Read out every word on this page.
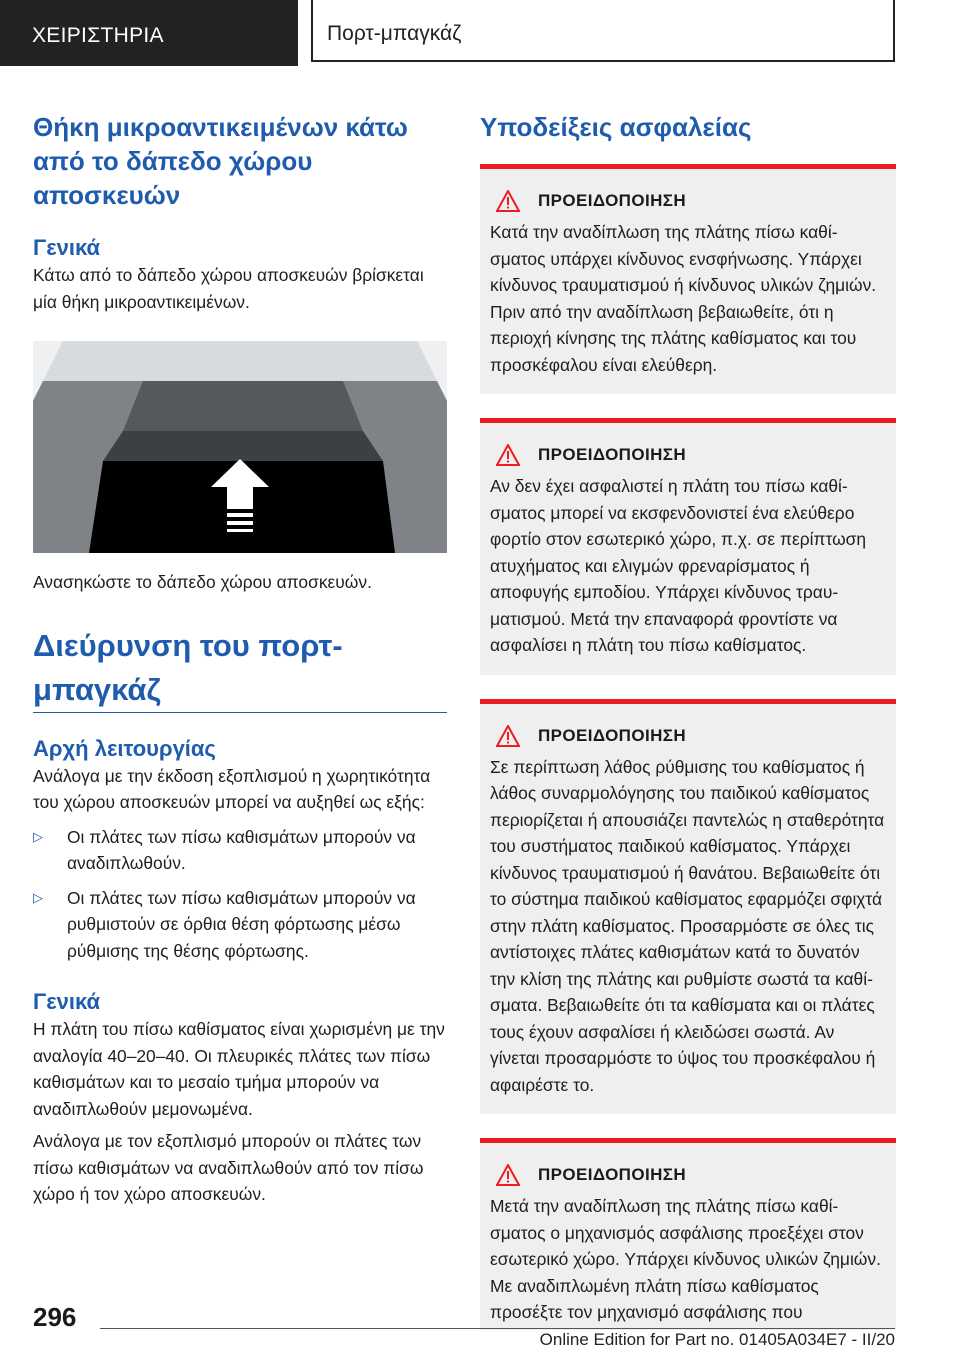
ΧΕΙΡΙΣΤΗΡΙΑ	Πορτ-μπαγκάζ
Θήκη μικροαντικειμένων κάτω από το δάπεδο χώρου αποσκευών
Γενικά

Κάτω από το δάπεδο χώρου αποσκευών βρίσκεται μία θήκη μικροαντικειμένων.

Ανασηκώστε το δάπεδο χώρου αποσκευών.

Διεύρυνση του πορτ-μπαγκάζ
Αρχή λειτουργίας

Ανάλογα με την έκδοση εξοπλισμού η χωρητικότητα του χώρου αποσκευών μπορεί να αυξηθεί ως εξής:

▷ Οι πλάτες των πίσω καθισμάτων μπορούν να αναδιπλωθούν.

▷ Οι πλάτες των πίσω καθισμάτων μπορούν να ρυθμιστούν σε όρθια θέση φόρτωσης μέσω ρύθμισης της θέσης φόρτωσης.

Γενικά

Η πλάτη του πίσω καθίσματος είναι χωρισμένη με την αναλογία 40–20–40. Οι πλευρικές πλάτες των πίσω καθισμάτων και το μεσαίο τμήμα μπορούν να αναδιπλωθούν μεμονωμένα.

Ανάλογα με τον εξοπλισμό μπορούν οι πλάτες των πίσω καθισμάτων να αναδιπλωθούν από τον πίσω χώρο ή τον χώρο αποσκευών.

Υποδείξεις ασφαλείας
ΠΡΟΕΙΔΟΠΟΙΗΣΗ

Κατά την αναδίπλωση της πλάτης πίσω καθίσματος υπάρχει κίνδυνος ενσφήνωσης. Υπάρχει κίνδυνος τραυματισμού ή κίνδυνος υλικών ζημιών. Πριν από την αναδίπλωση βεβαιωθείτε, ότι η περιοχή κίνησης της πλάτης καθίσματος και του προσκέφαλου είναι ελεύθερη.

ΠΡΟΕΙΔΟΠΟΙΗΣΗ

Αν δεν έχει ασφαλιστεί η πλάτη του πίσω καθίσματος μπορεί να εκσφενδονιστεί ένα ελεύθερο φορτίο στον εσωτερικό χώρο, π.χ. σε περίπτωση ατυχήματος και ελιγμών φρεναρίσματος ή αποφυγής εμποδίου. Υπάρχει κίνδυνος τραυματισμού. Μετά την επαναφορά φροντίστε να ασφαλίσει η πλάτη του πίσω καθίσματος.

ΠΡΟΕΙΔΟΠΟΙΗΣΗ

Σε περίπτωση λάθος ρύθμισης του καθίσματος ή λάθος συναρμολόγησης του παιδικού καθίσματος περιορίζεται ή απουσιάζει παντελώς η σταθερότητα του συστήματος παιδικού καθίσματος. Υπάρχει κίνδυνος τραυματισμού ή θανάτου. Βεβαιωθείτε ότι το σύστημα παιδικού καθίσματος εφαρμόζει σφιχτά στην πλάτη καθίσματος. Προσαρμόστε σε όλες τις αντίστοιχες πλάτες καθισμάτων κατά το δυνατόν την κλίση της πλάτης και ρυθμίστε σωστά τα καθίσματα. Βεβαιωθείτε ότι τα καθίσματα και οι πλάτες τους έχουν ασφαλίσει ή κλειδώσει σωστά. Αν γίνεται προσαρμόστε το ύψος του προσκέφαλου ή αφαιρέστε το.

ΠΡΟΕΙΔΟΠΟΙΗΣΗ

Μετά την αναδίπλωση της πλάτης πίσω καθίσματος ο μηχανισμός ασφάλισης προεξέχει στον εσωτερικό χώρο. Υπάρχει κίνδυνος υλικών ζημιών. Με αναδιπλωμένη πλάτη πίσω καθίσματος προσέξτε τον μηχανισμό ασφάλισης που

296
Online Edition for Part no. 01405A034E7 - II/20
